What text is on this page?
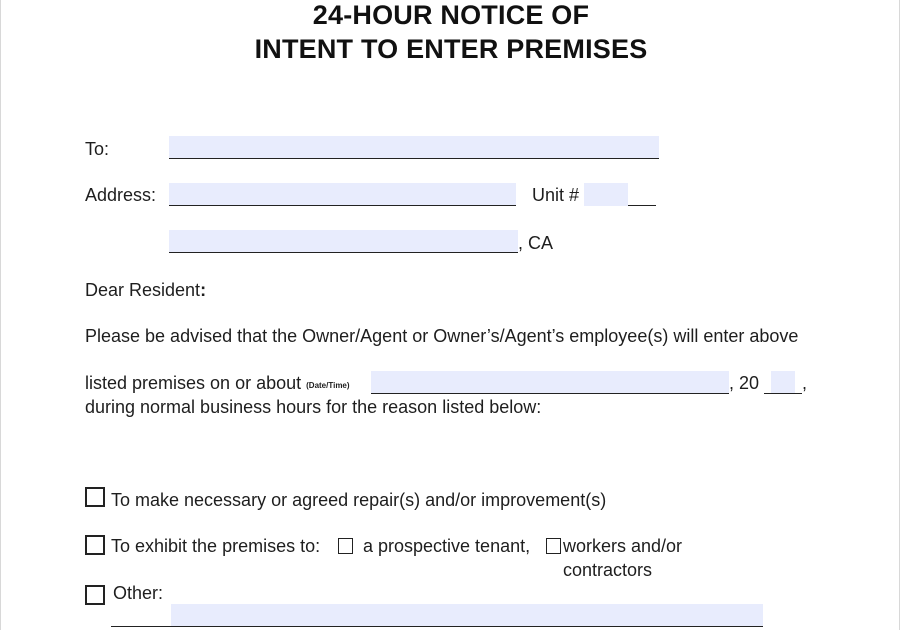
24-HOUR NOTICE OF
INTENT TO ENTER PREMISES
To:
Address:	Unit #
, CA
Dear Resident:
Please be advised that the Owner/Agent or Owner’s/Agent’s employee(s) will enter above
listed premises on or about (Date/Time)	, 20 ,
during normal business hours for the reason listed below:
To make necessary or agreed repair(s) and/or improvement(s)
To exhibit the premises to: a prospective tenant, workers and/or
contractors
Other:
